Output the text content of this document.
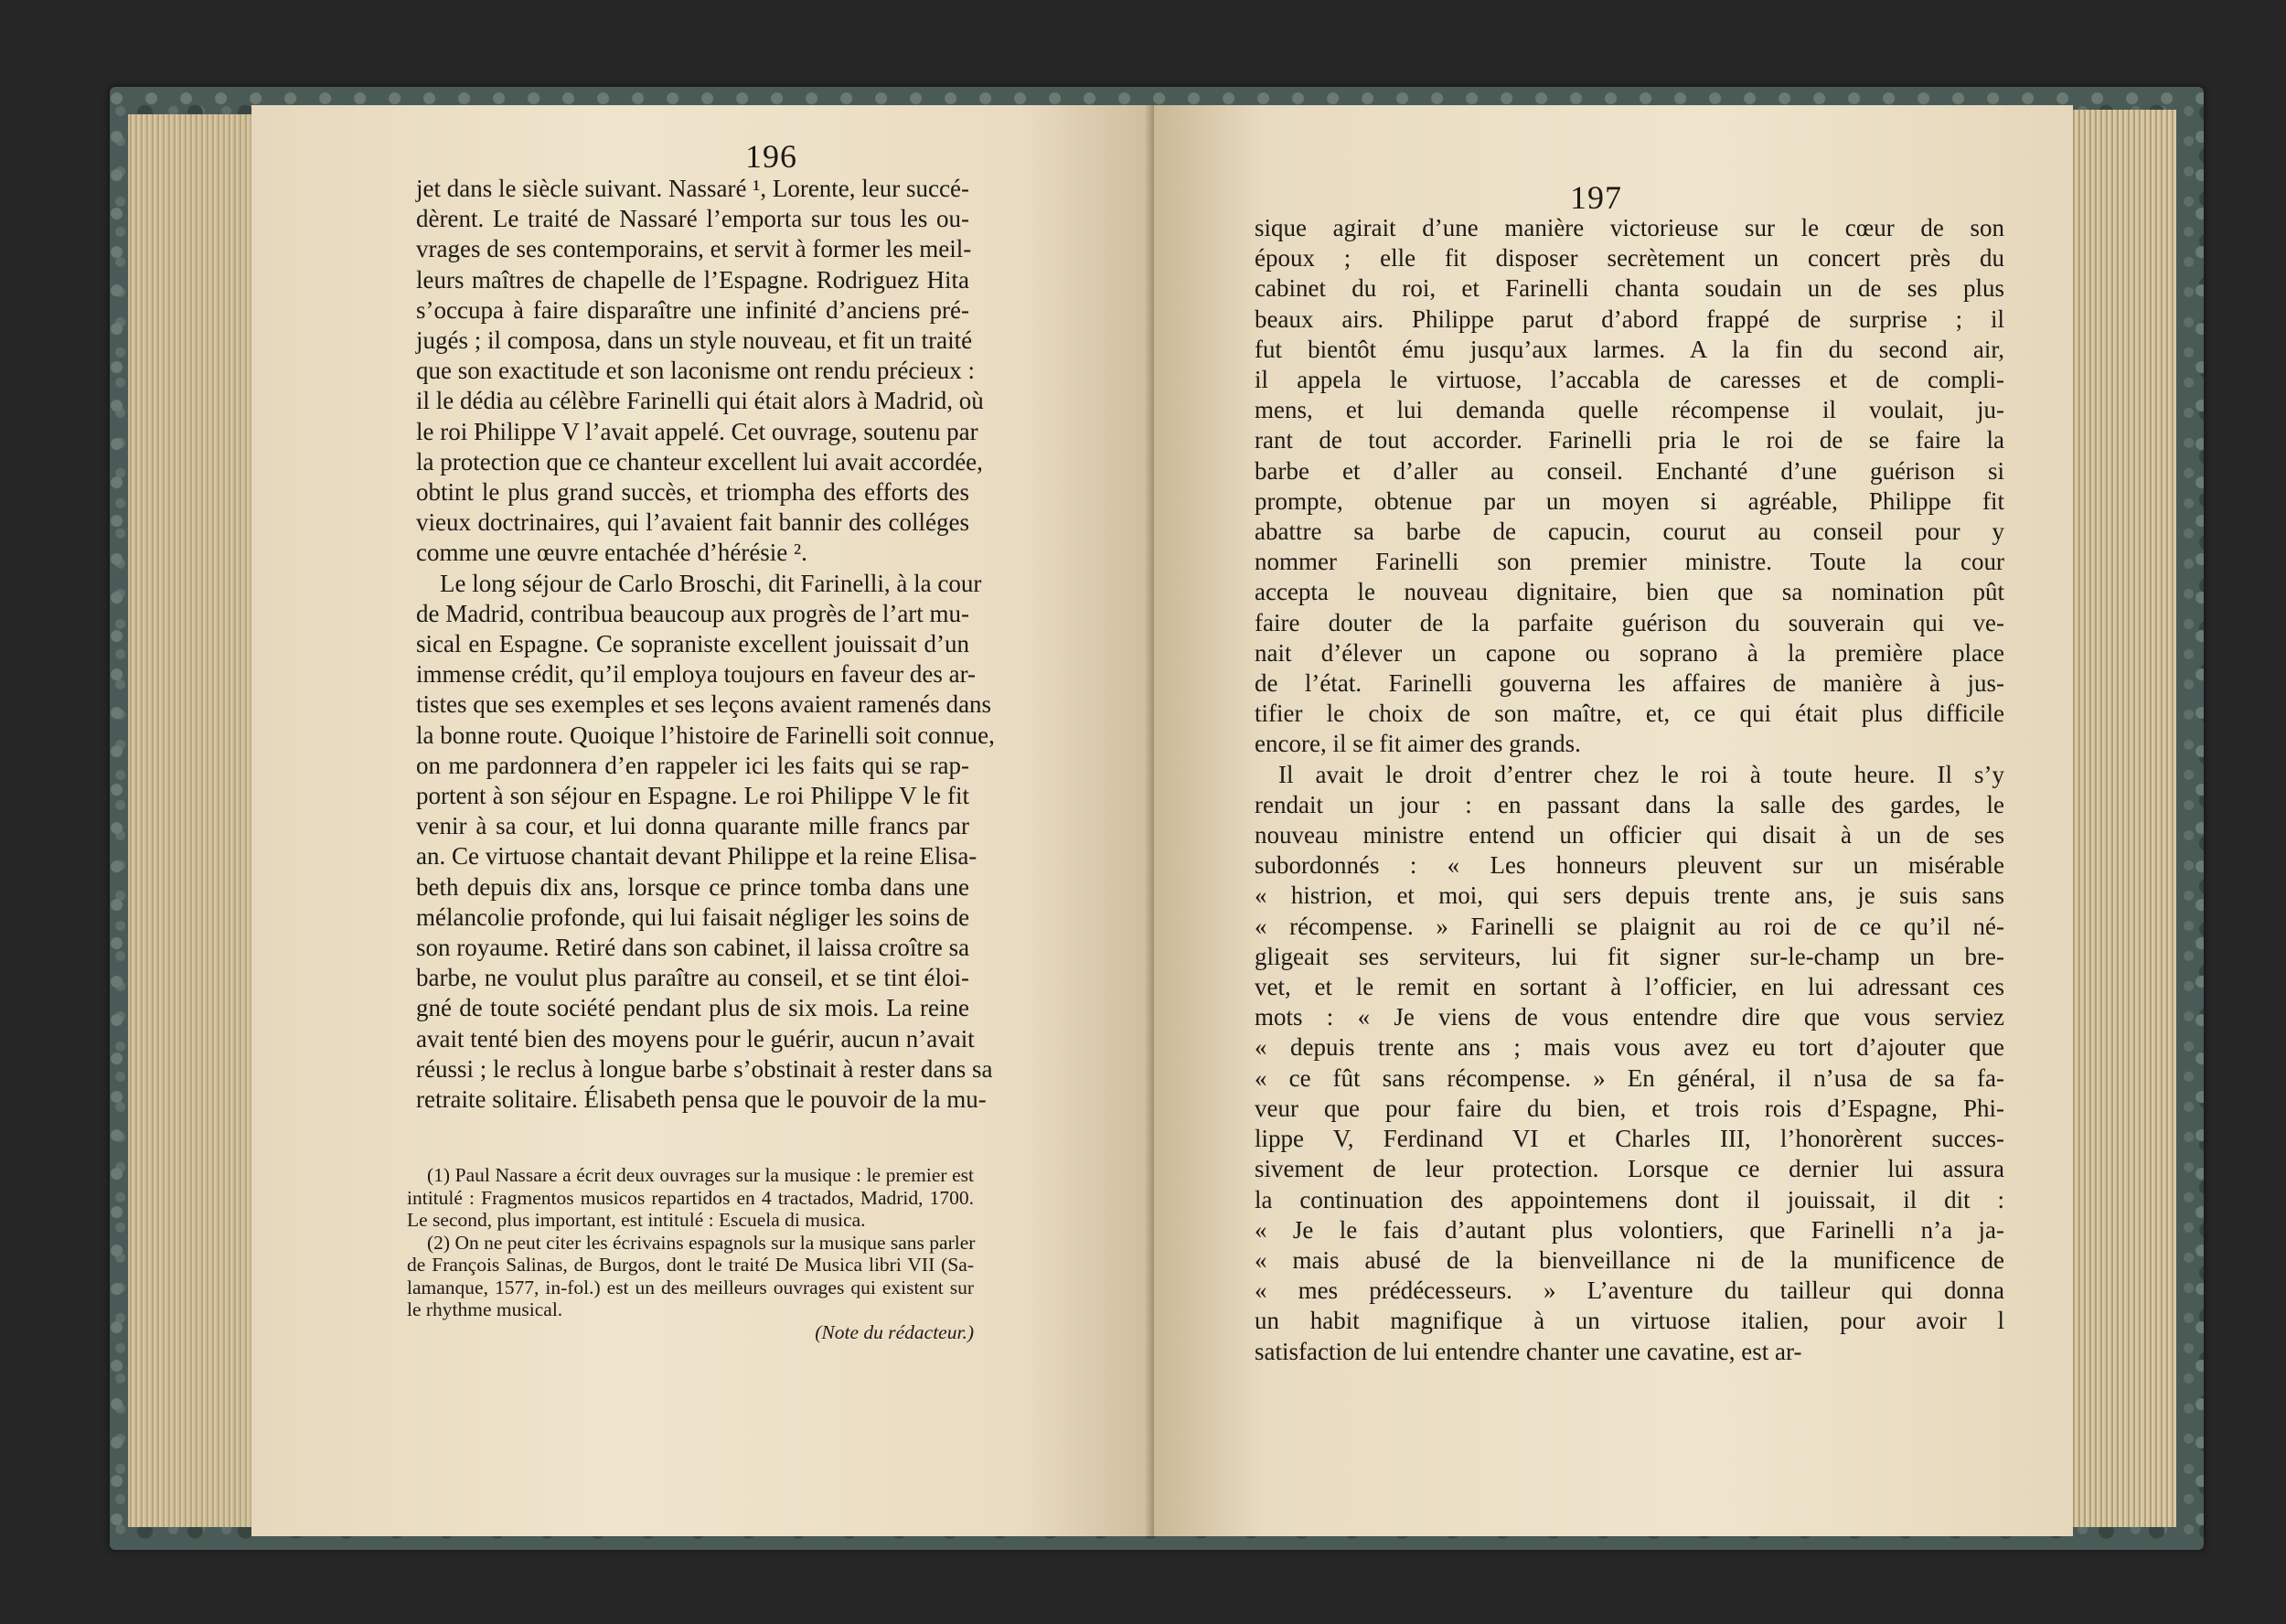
196
jet dans le siècle suivant. Nassaré ¹, Lorente, leur succé-
dèrent. Le traité de Nassaré l’emporta sur tous les ou-
vrages de ses contemporains, et servit à former les meil-
leurs maîtres de chapelle de l’Espagne. Rodriguez Hita
s’occupa à faire disparaître une infinité d’anciens pré-
jugés ; il composa, dans un style nouveau, et fit un traité
que son exactitude et son laconisme ont rendu précieux :
il le dédia au célèbre Farinelli qui était alors à Madrid, où
le roi Philippe V l’avait appelé. Cet ouvrage, soutenu par
la protection que ce chanteur excellent lui avait accordée,
obtint le plus grand succès, et triompha des efforts des
vieux doctrinaires, qui l’avaient fait bannir des colléges
comme une œuvre entachée d’hérésie ².
Le long séjour de Carlo Broschi, dit Farinelli, à la cour
de Madrid, contribua beaucoup aux progrès de l’art mu-
sical en Espagne. Ce sopraniste excellent jouissait d’un
immense crédit, qu’il employa toujours en faveur des ar-
tistes que ses exemples et ses leçons avaient ramenés dans
la bonne route. Quoique l’histoire de Farinelli soit connue,
on me pardonnera d’en rappeler ici les faits qui se rap-
portent à son séjour en Espagne. Le roi Philippe V le fit
venir à sa cour, et lui donna quarante mille francs par
an. Ce virtuose chantait devant Philippe et la reine Elisa-
beth depuis dix ans, lorsque ce prince tomba dans une
mélancolie profonde, qui lui faisait négliger les soins de
son royaume. Retiré dans son cabinet, il laissa croître sa
barbe, ne voulut plus paraître au conseil, et se tint éloi-
gné de toute société pendant plus de six mois. La reine
avait tenté bien des moyens pour le guérir, aucun n’avait
réussi ; le reclus à longue barbe s’obstinait à rester dans sa
retraite solitaire. Élisabeth pensa que le pouvoir de la mu-
(1) Paul Nassare a écrit deux ouvrages sur la musique : le premier est
intitulé : Fragmentos musicos repartidos en 4 tractados, Madrid, 1700.
Le second, plus important, est intitulé : Escuela di musica.
(2) On ne peut citer les écrivains espagnols sur la musique sans parler
de François Salinas, de Burgos, dont le traité De Musica libri VII (Sa-
lamanque, 1577, in-fol.) est un des meilleurs ouvrages qui existent sur
le rhythme musical.
(Note du rédacteur.)
197
sique agirait d’une manière victorieuse sur le cœur de son
époux ; elle fit disposer secrètement un concert près du
cabinet du roi, et Farinelli chanta soudain un de ses plus
beaux airs. Philippe parut d’abord frappé de surprise ; il
fut bientôt ému jusqu’aux larmes. A la fin du second air,
il appela le virtuose, l’accabla de caresses et de compli-
mens, et lui demanda quelle récompense il voulait, ju-
rant de tout accorder. Farinelli pria le roi de se faire la
barbe et d’aller au conseil. Enchanté d’une guérison si
prompte, obtenue par un moyen si agréable, Philippe fit
abattre sa barbe de capucin, courut au conseil pour y
nommer Farinelli son premier ministre. Toute la cour
accepta le nouveau dignitaire, bien que sa nomination pût
faire douter de la parfaite guérison du souverain qui ve-
nait d’élever un capone ou soprano à la première place
de l’état. Farinelli gouverna les affaires de manière à jus-
tifier le choix de son maître, et, ce qui était plus difficile
encore, il se fit aimer des grands.
Il avait le droit d’entrer chez le roi à toute heure. Il s’y
rendait un jour : en passant dans la salle des gardes, le
nouveau ministre entend un officier qui disait à un de ses
subordonnés : « Les honneurs pleuvent sur un misérable
« histrion, et moi, qui sers depuis trente ans, je suis sans
« récompense. » Farinelli se plaignit au roi de ce qu’il né-
gligeait ses serviteurs, lui fit signer sur-le-champ un bre-
vet, et le remit en sortant à l’officier, en lui adressant ces
mots : « Je viens de vous entendre dire que vous serviez
« depuis trente ans ; mais vous avez eu tort d’ajouter que
« ce fût sans récompense. » En général, il n’usa de sa fa-
veur que pour faire du bien, et trois rois d’Espagne, Phi-
lippe V, Ferdinand VI et Charles III, l’honorèrent succes-
sivement de leur protection. Lorsque ce dernier lui assura
la continuation des appointemens dont il jouissait, il dit :
« Je le fais d’autant plus volontiers, que Farinelli n’a ja-
« mais abusé de la bienveillance ni de la munificence de
« mes prédécesseurs. » L’aventure du tailleur qui donna
un habit magnifique à un virtuose italien, pour avoir l
satisfaction de lui entendre chanter une cavatine, est ar-
